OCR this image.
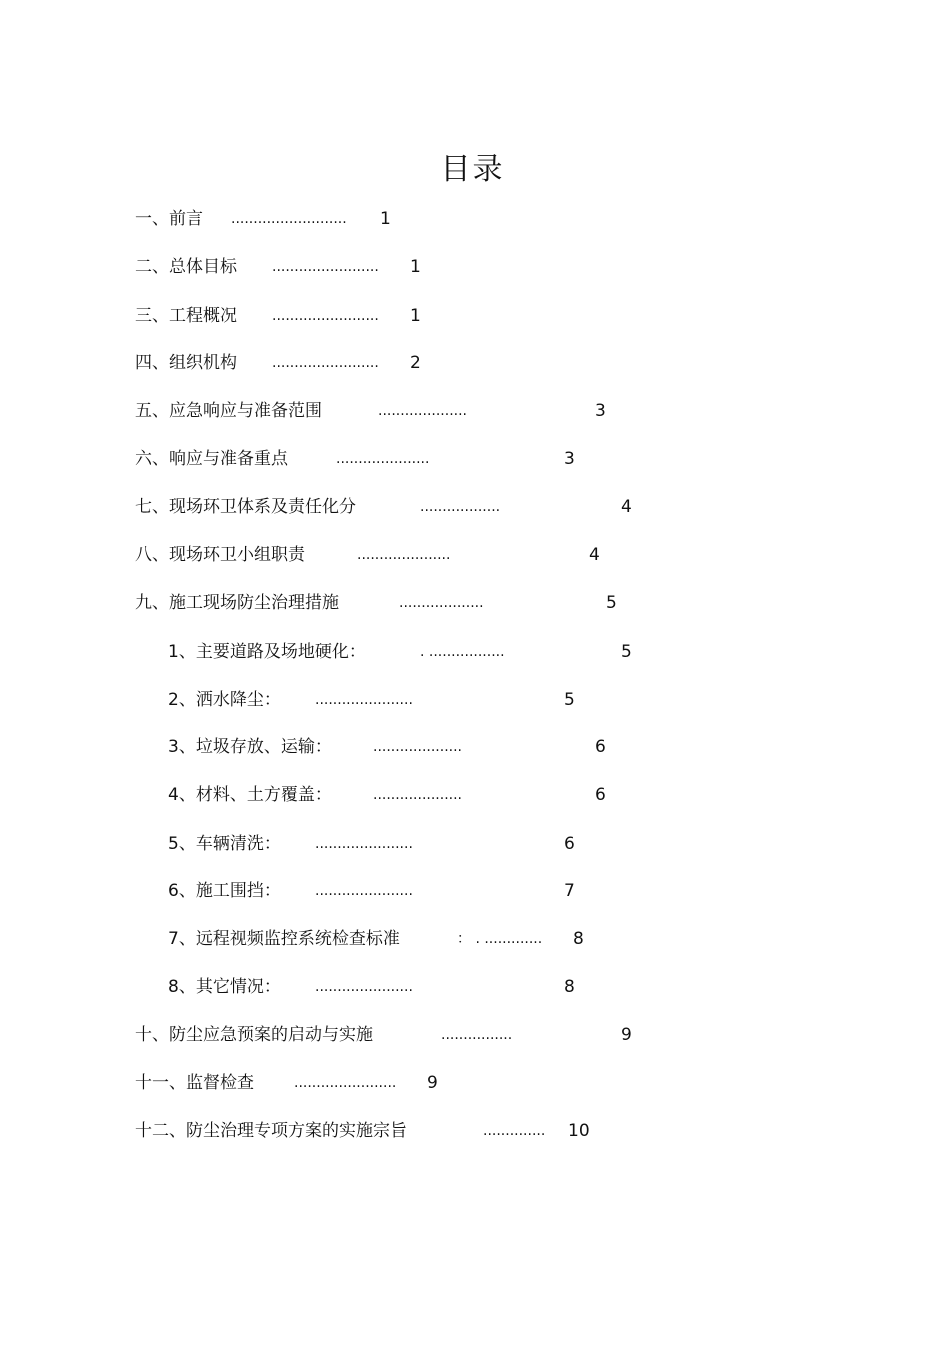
目录
一、前言 .......................... 1
二、总体目标	........................ 1
三、工程概况	........................ 1
四、组织机构	........................ 2
五、应急响应与准备范围	....................	3
六、响应与准备重点	.....................	3
七、现场环卫体系及责任化分	..................	4
八、现场环卫小组职责	.....................	4
九、施工现场防尘治理措施	...................	5
1、主要道路及场地硬化：	. .................	5
2、洒水降尘： ......................	5
3、垃圾存放、运输：	....................	6
4、材料、土方覆盖：	....................	6
5、车辆清洗： ......................	6
6、施工围挡： ......................	7
7、远程视频监控系统检查标准	： . ............. 8
8、其它情况： ......................	8
十、防尘应急预案的启动与实施	................	9
十一、监督检查	....................... 9
十二、防尘治理专项方案的实施宗旨	.............. 10
